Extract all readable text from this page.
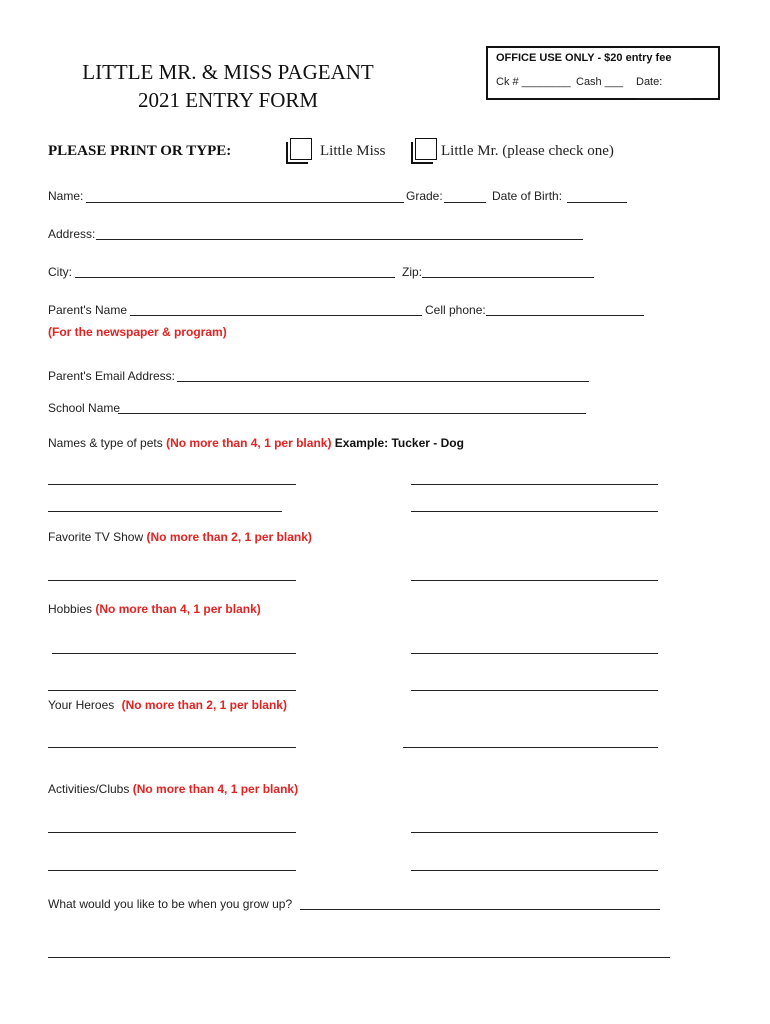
LITTLE MR. & MISS PAGEANT
2021 ENTRY FORM
OFFICE USE ONLY - $20 entry fee
Ck # ________ Cash ___ Date: _________
PLEASE PRINT OR TYPE:	Little Miss	Little Mr. (please check one)
Name:	Grade:	Date of Birth:
Address:
City:	Zip:
Parent's Name	Cell phone:
(For the newspaper & program)
Parent's Email Address:
School Name
Names & type of pets (No more than 4, 1 per blank) Example: Tucker - Dog
Favorite TV Show (No more than 2, 1 per blank)
Hobbies (No more than 4, 1 per blank)
Your Heroes (No more than 2, 1 per blank)
Activities/Clubs (No more than 4, 1 per blank)
What would you like to be when you grow up?
